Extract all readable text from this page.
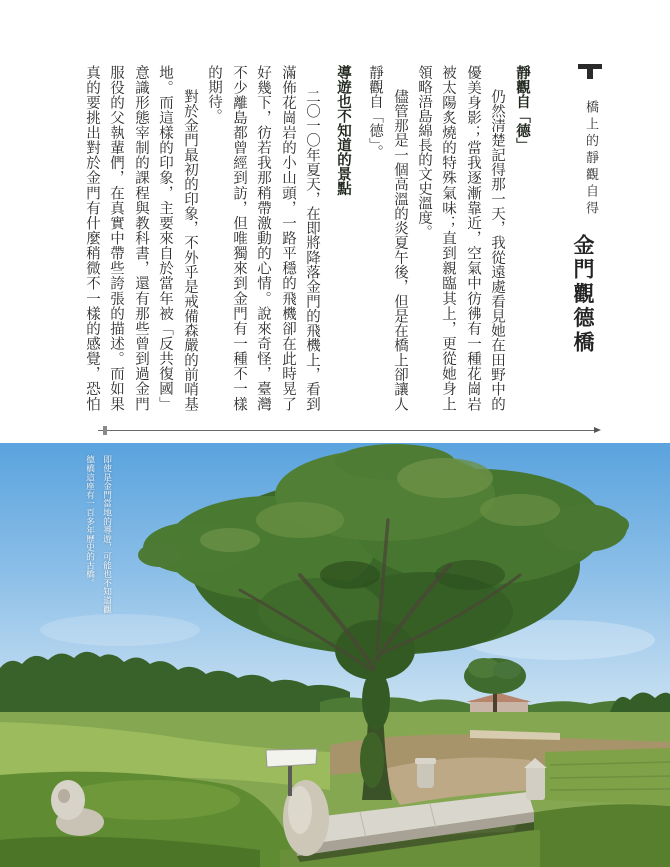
橋上的靜觀自得
金門觀德橋
靜觀自「德」
仍然清楚記得那一天，我從遠處看見她在田野中的
優美身影；當我逐漸靠近，空氣中彷彿有一種花崗岩
被太陽炙燒的特殊氣味；直到親臨其上，更從她身上
領略浯島綿長的文史溫度。
儘管那是一個高溫的炎夏午後，但是在橋上卻讓人
靜觀自「德」。
導遊也不知道的景點
二〇一〇年夏天，在即將降落金門的飛機上，看到
滿佈花崗岩的小山頭，一路平穩的飛機卻在此時晃了
好幾下，彷若我那稍帶激動的心情。說來奇怪，臺灣
不少離島都曾經到訪，但唯獨來到金門有一種不一樣
的期待。
對於金門最初的印象，不外乎是戒備森嚴的前哨基
地。而這樣的印象，主要來自於當年被「反共復國」
意識形態宰制的課程與教科書，還有那些曾到過金門
服役的父執輩們，在真實中帶些誇張的描述。而如果
真的要挑出對於金門有什麼稍微不一樣的感覺，恐怕
即使是金門當地的導遊，可能也不知道觀
德橋這座有一百多年歷史的古橋。
